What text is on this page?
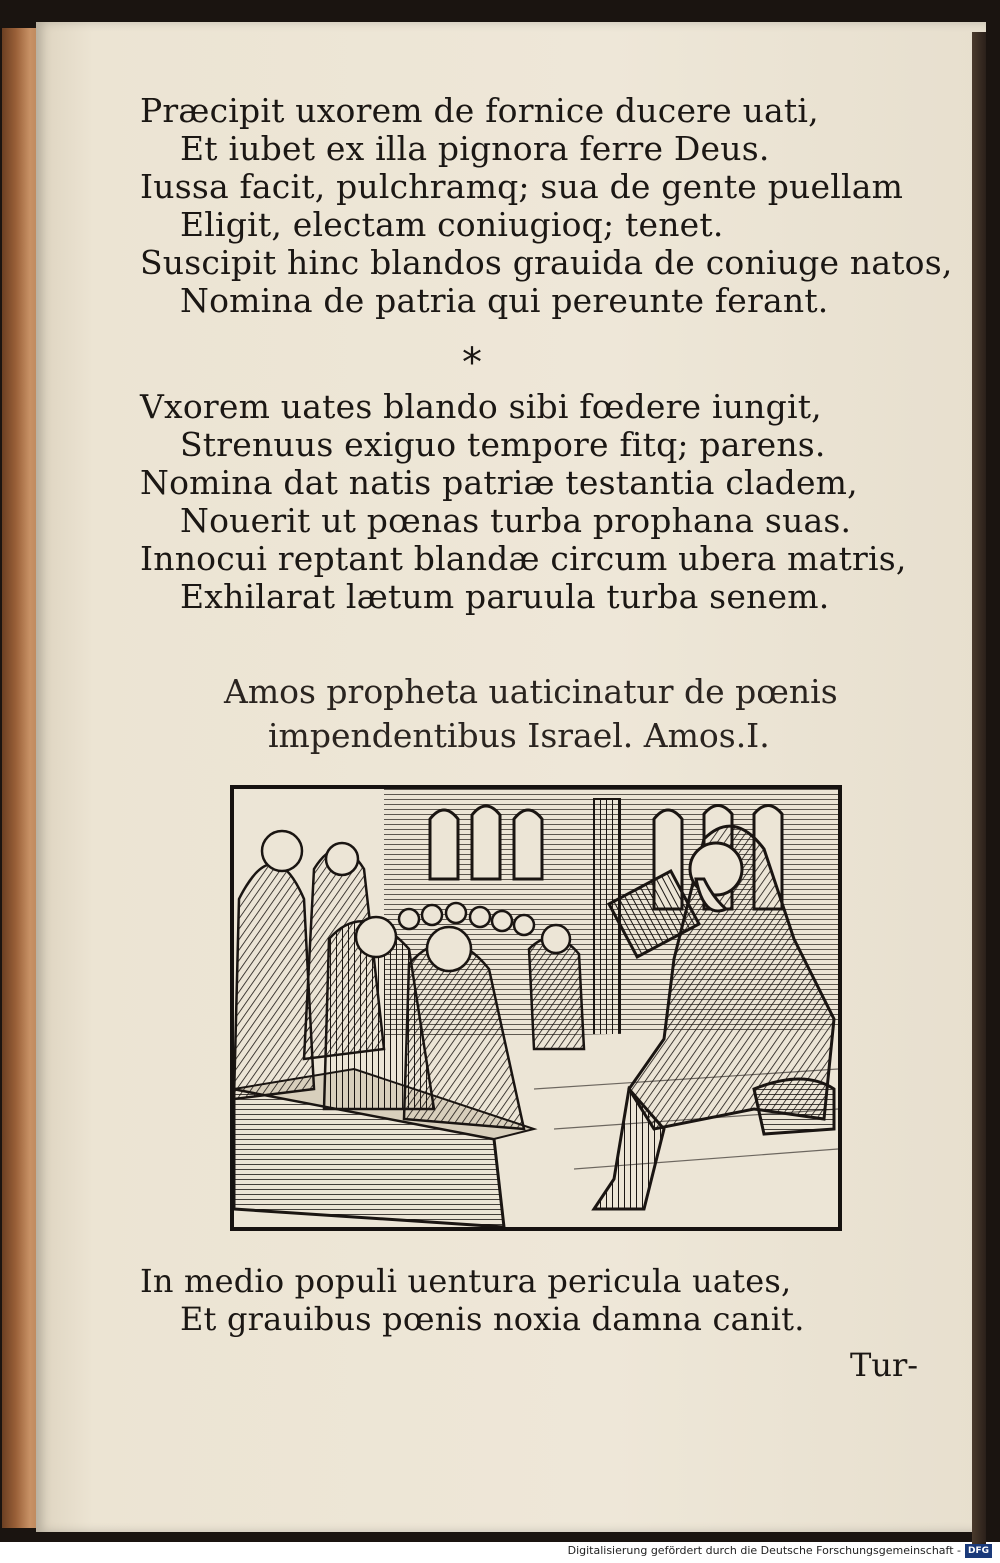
Præcipit uxorem de fornice ducere uati,
Et iubet ex illa pignora ferre Deus.
Iussa facit, pulchramq; sua de gente puellam
Eligit, electam coniugioq; tenet.
Suscipit hinc blandos grauida de coniuge natos,
Nomina de patria qui pereunte ferant.
*
Vxorem uates blando sibi fœdere iungit,
Strenuus exiguo tempore fitq; parens.
Nomina dat natis patriæ testantia cladem,
Nouerit ut pœnas turba prophana suas.
Innocui reptant blandæ circum ubera matris,
Exhilarat lætum paruula turba senem.
Amos propheta uaticinatur de pœnis
impendentibus Israel. Amos.I.
In medio populi uentura pericula uates,
Et grauibus pœnis noxia damna canit.
Tur-
Digitalisierung gefördert durch die Deutsche Forschungsgemeinschaft - DFG
